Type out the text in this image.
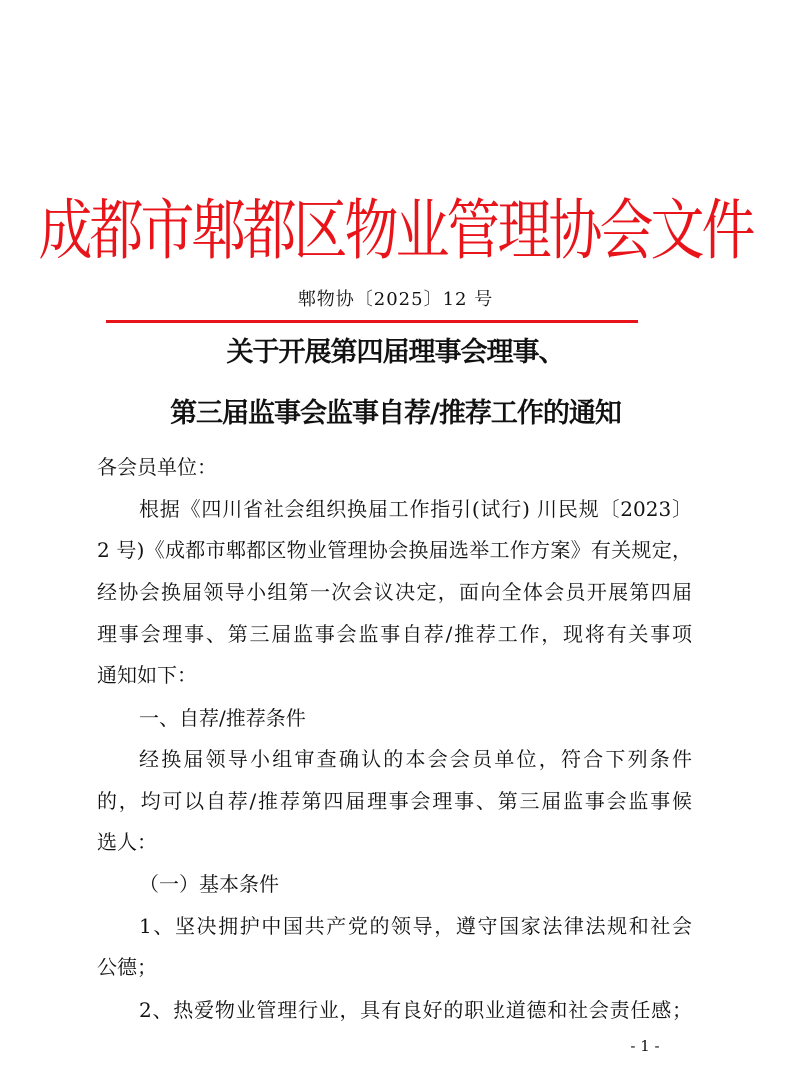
成都市郫都区物业管理协会文件
郫物协〔2025〕12 号
关于开展第四届理事会理事、
第三届监事会监事自荐/推荐工作的通知
各会员单位：
根据《四川省社会组织换届工作指引(试行) 川民规〔2023〕
2 号)《成都市郫都区物业管理协会换届选举工作方案》有关规定，
经协会换届领导小组第一次会议决定，面向全体会员开展第四届
理事会理事、第三届监事会监事自荐/推荐工作，现将有关事项
通知如下：
一、自荐/推荐条件
经换届领导小组审查确认的本会会员单位，符合下列条件
的，均可以自荐/推荐第四届理事会理事、第三届监事会监事候
选人：
（一）基本条件
1、坚决拥护中国共产党的领导，遵守国家法律法规和社会
公德；
2、热爱物业管理行业，具有良好的职业道德和社会责任感；
- 1 -
